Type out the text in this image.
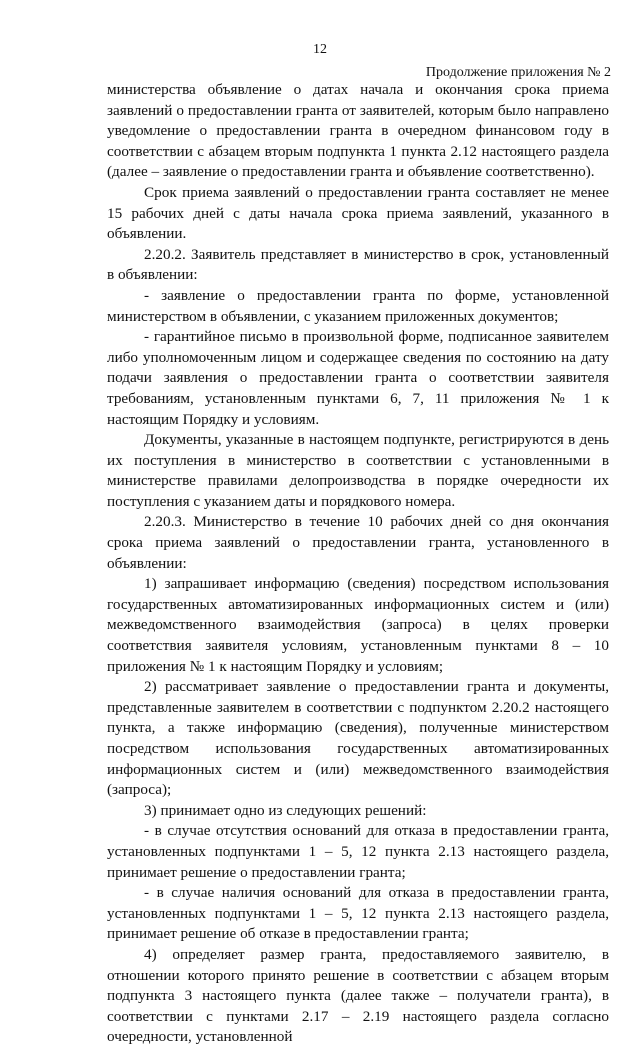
12
Продолжение приложения № 2

министерства объявление о датах начала и окончания срока приема заявлений о предоставлении гранта от заявителей, которым было направлено уведомление о предоставлении гранта в очередном финансовом году в соответствии с абзацем вторым подпункта 1 пункта 2.12 настоящего раздела (далее – заявление о предоставлении гранта и объявление соответственно).

Срок приема заявлений о предоставлении гранта составляет не менее 15 рабочих дней с даты начала срока приема заявлений, указанного в объявлении.

2.20.2. Заявитель представляет в министерство в срок, установленный в объявлении:

- заявление о предоставлении гранта по форме, установленной министерством в объявлении, с указанием приложенных документов;

- гарантийное письмо в произвольной форме, подписанное заявителем либо уполномоченным лицом и содержащее сведения по состоянию на дату подачи заявления о предоставлении гранта о соответствии заявителя требованиям, установленным пунктами 6, 7, 11 приложения № 1 к настоящим Порядку и условиям.

Документы, указанные в настоящем подпункте, регистрируются в день их поступления в министерство в соответствии с установленными в министерстве правилами делопроизводства в порядке очередности их поступления с указанием даты и порядкового номера.

2.20.3. Министерство в течение 10 рабочих дней со дня окончания срока приема заявлений о предоставлении гранта, установленного в объявлении:

1) запрашивает информацию (сведения) посредством использования государственных автоматизированных информационных систем и (или) межведомственного взаимодействия (запроса) в целях проверки соответствия заявителя условиям, установленным пунктами 8 – 10 приложения № 1 к настоящим Порядку и условиям;

2) рассматривает заявление о предоставлении гранта и документы, представленные заявителем в соответствии с подпунктом 2.20.2 настоящего пункта, а также информацию (сведения), полученные министерством посредством использования государственных автоматизированных информационных систем и (или) межведомственного взаимодействия (запроса);

3) принимает одно из следующих решений:

- в случае отсутствия оснований для отказа в предоставлении гранта, установленных подпунктами 1 – 5, 12 пункта 2.13 настоящего раздела, принимает решение о предоставлении гранта;

- в случае наличия оснований для отказа в предоставлении гранта, установленных подпунктами 1 – 5, 12 пункта 2.13 настоящего раздела, принимает решение об отказе в предоставлении гранта;

4) определяет размер гранта, предоставляемого заявителю, в отношении которого принято решение в соответствии с абзацем вторым подпункта 3 настоящего пункта (далее также – получатели гранта), в соответствии с пунктами 2.17 – 2.19 настоящего раздела согласно очередности, установленной
